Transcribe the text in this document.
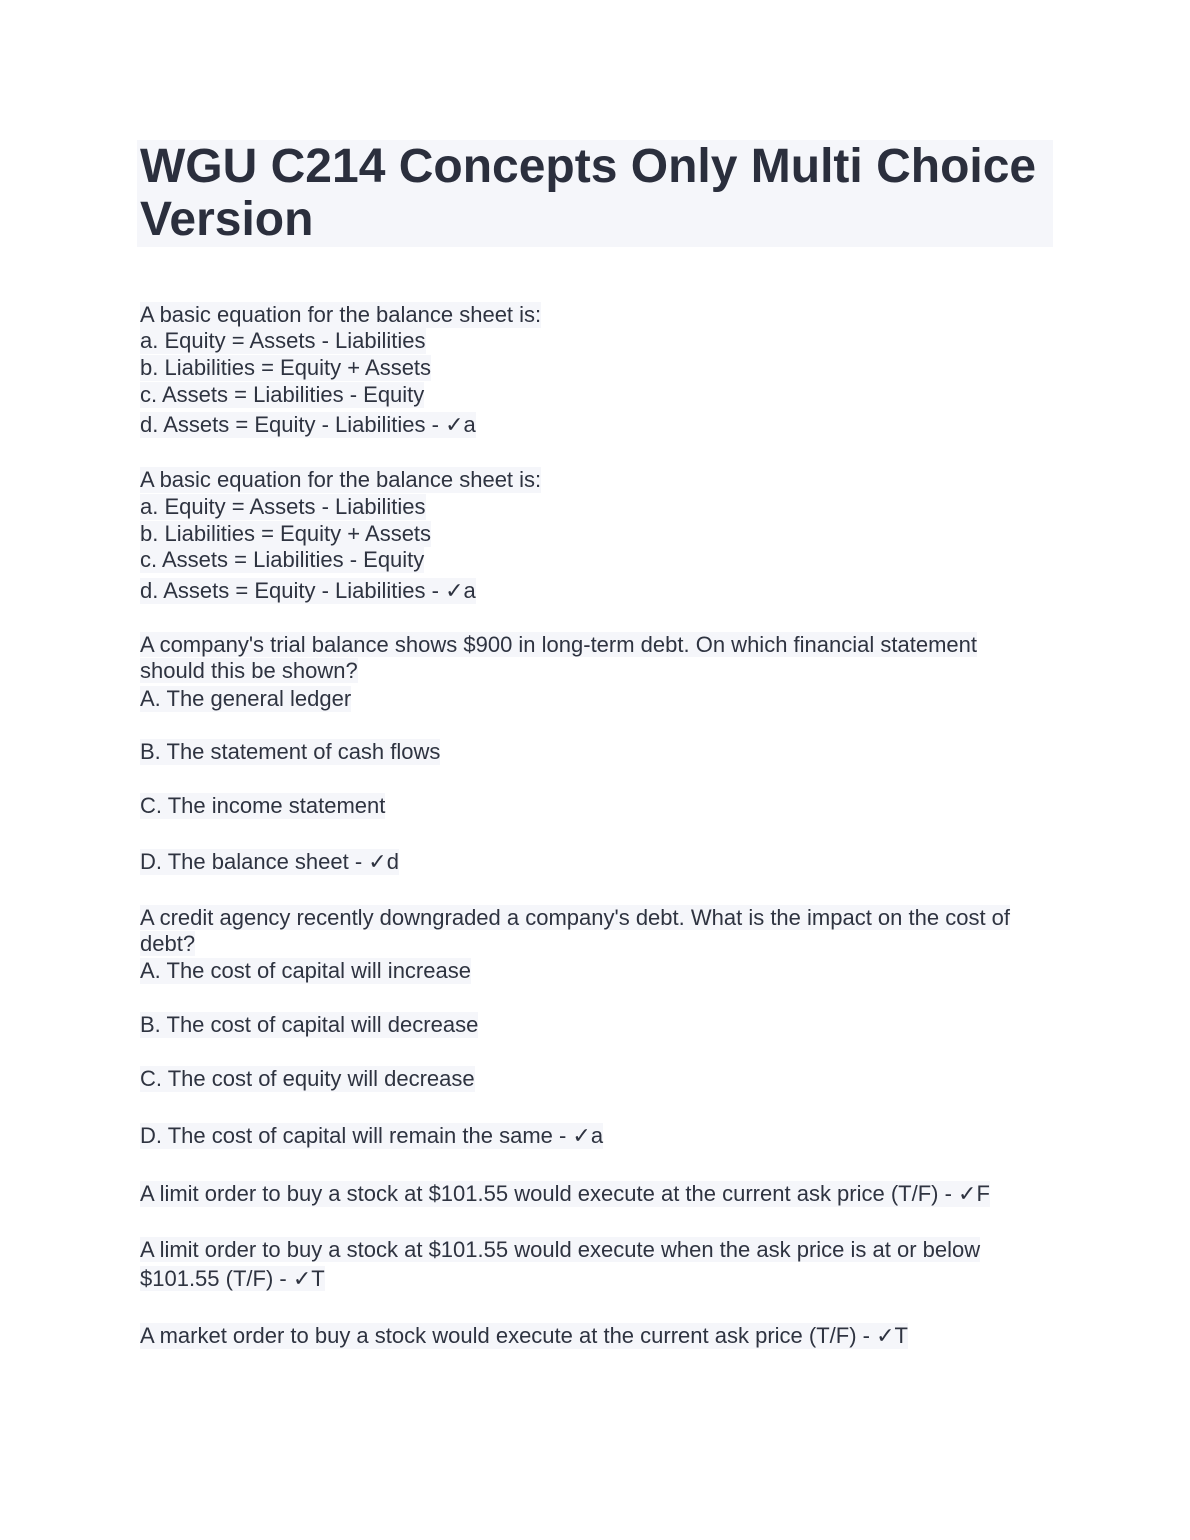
WGU C214 Concepts Only Multi Choice Version
A basic equation for the balance sheet is:
a. Equity = Assets - Liabilities
b. Liabilities = Equity + Assets
c. Assets = Liabilities - Equity
d. Assets = Equity - Liabilities - ✓a
A basic equation for the balance sheet is:
a. Equity = Assets - Liabilities
b. Liabilities = Equity + Assets
c. Assets = Liabilities - Equity
d. Assets = Equity - Liabilities - ✓a
A company's trial balance shows $900 in long-term debt. On which financial statement should this be shown?
A. The general ledger
B. The statement of cash flows
C. The income statement
D. The balance sheet - ✓d
A credit agency recently downgraded a company's debt. What is the impact on the cost of debt?
A. The cost of capital will increase
B. The cost of capital will decrease
C. The cost of equity will decrease
D. The cost of capital will remain the same - ✓a
A limit order to buy a stock at $101.55 would execute at the current ask price (T/F) - ✓F
A limit order to buy a stock at $101.55 would execute when the ask price is at or below $101.55 (T/F) - ✓T
A market order to buy a stock would execute at the current ask price (T/F) - ✓T
